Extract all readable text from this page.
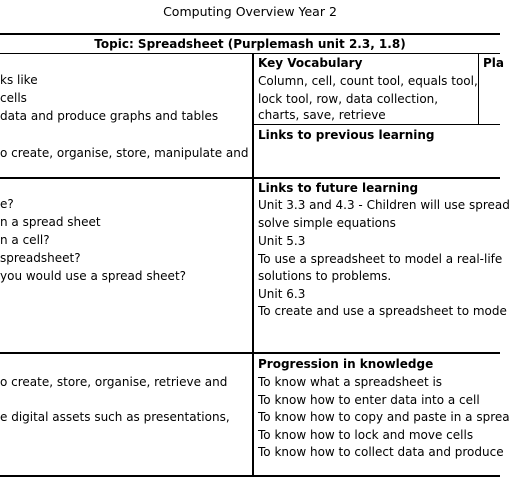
Computing Overview Year 2
Topic: Spreadsheet (Purplemash unit 2.3, 1.8)
ks like
cells
data and produce graphs and tables
o create, organise, store, manipulate and
e?
n a spread sheet
n a cell?
spreadsheet?
you would use a spread sheet?
o create, store, organise, retrieve and
e digital assets such as presentations,
Key Vocabulary
Column, cell, count tool, equals tool,
lock tool, row, data collection,
charts, save, retrieve
Pla
Links to previous learning
Links to future learning
Unit 3.3 and 4.3 - Children will use spread
solve simple equations
Unit 5.3
To use a spreadsheet to model a real-life
solutions to problems.
Unit 6.3
To create and use a spreadsheet to mode
Progression in knowledge
To know what a spreadsheet is
To know how to enter data into a cell
To know how to copy and paste in a sprea
To know how to lock and move cells
To know how to collect data and produce
